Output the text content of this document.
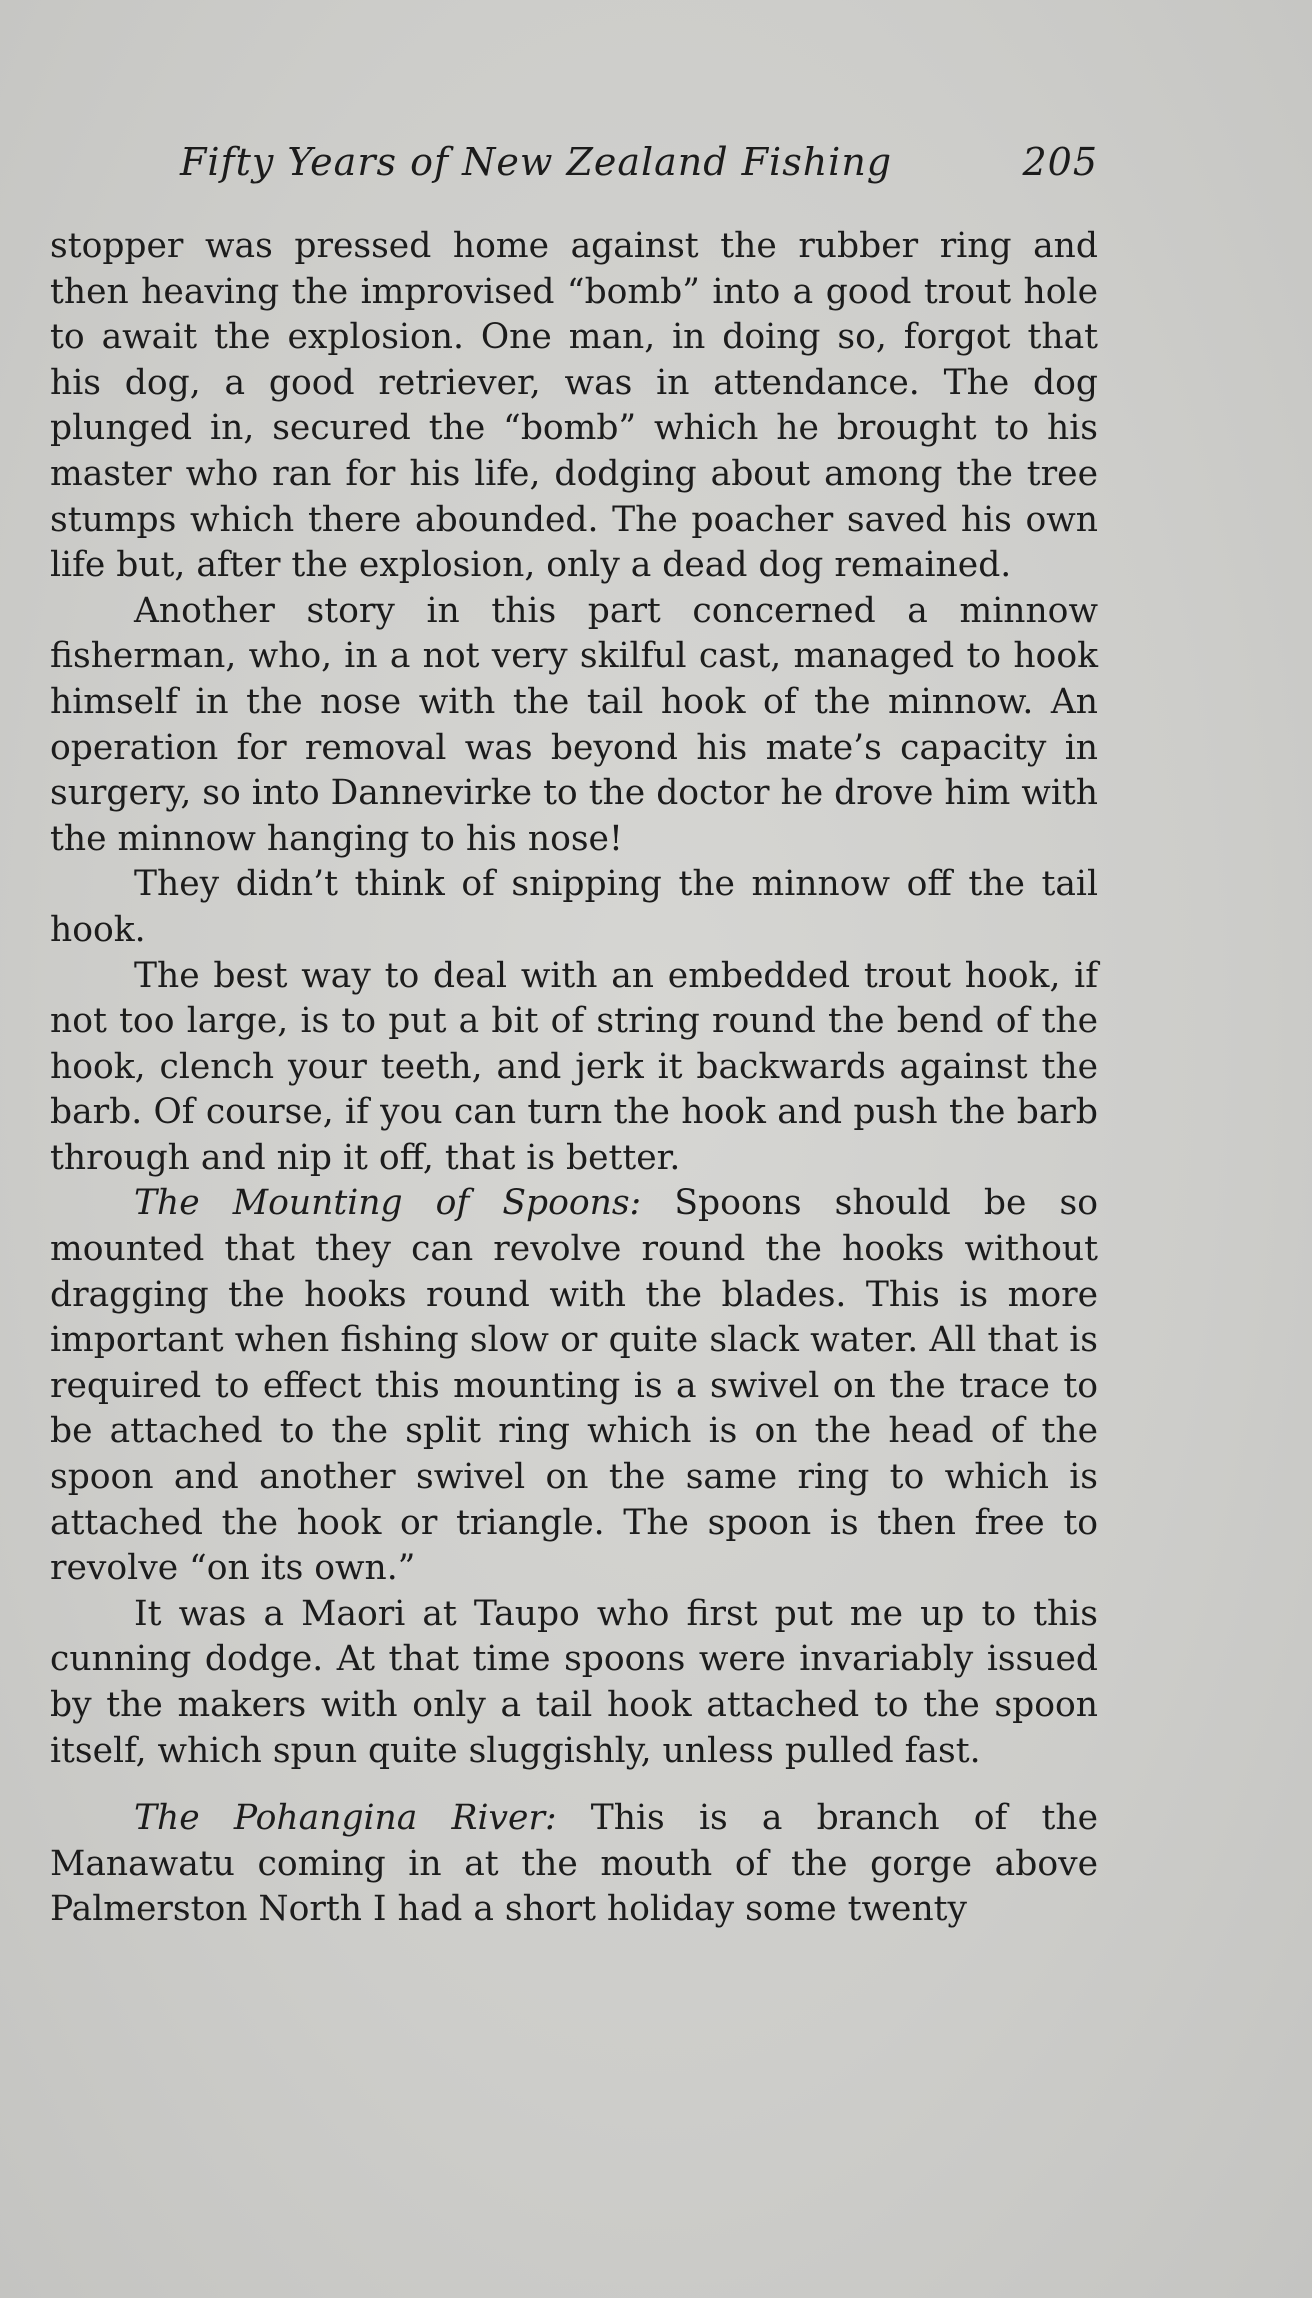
Fifty Years of New Zealand Fishing	205

stopper was pressed home against the rubber ring and then heaving the improvised “bomb” into a good trout hole to await the explosion. One man, in doing so, forgot that his dog, a good retriever, was in attendance. The dog plunged in, secured the “bomb” which he brought to his master who ran for his life, dodging about among the tree stumps which there abounded. The poacher saved his own life but, after the explosion, only a dead dog remained.

Another story in this part concerned a minnow fisherman, who, in a not very skilful cast, managed to hook himself in the nose with the tail hook of the minnow. An operation for removal was beyond his mate’s capacity in surgery, so into Dannevirke to the doctor he drove him with the minnow hanging to his nose!

They didn’t think of snipping the minnow off the tail hook.

The best way to deal with an embedded trout hook, if not too large, is to put a bit of string round the bend of the hook, clench your teeth, and jerk it backwards against the barb. Of course, if you can turn the hook and push the barb through and nip it off, that is better.

The Mounting of Spoons: Spoons should be so mounted that they can revolve round the hooks without dragging the hooks round with the blades. This is more important when fishing slow or quite slack water. All that is required to effect this mounting is a swivel on the trace to be attached to the split ring which is on the head of the spoon and another swivel on the same ring to which is attached the hook or triangle. The spoon is then free to revolve “on its own.”

It was a Maori at Taupo who first put me up to this cunning dodge. At that time spoons were invariably issued by the makers with only a tail hook attached to the spoon itself, which spun quite sluggishly, unless pulled fast.

The Pohangina River: This is a branch of the Manawatu coming in at the mouth of the gorge above Palmerston North I had a short holiday some twenty
